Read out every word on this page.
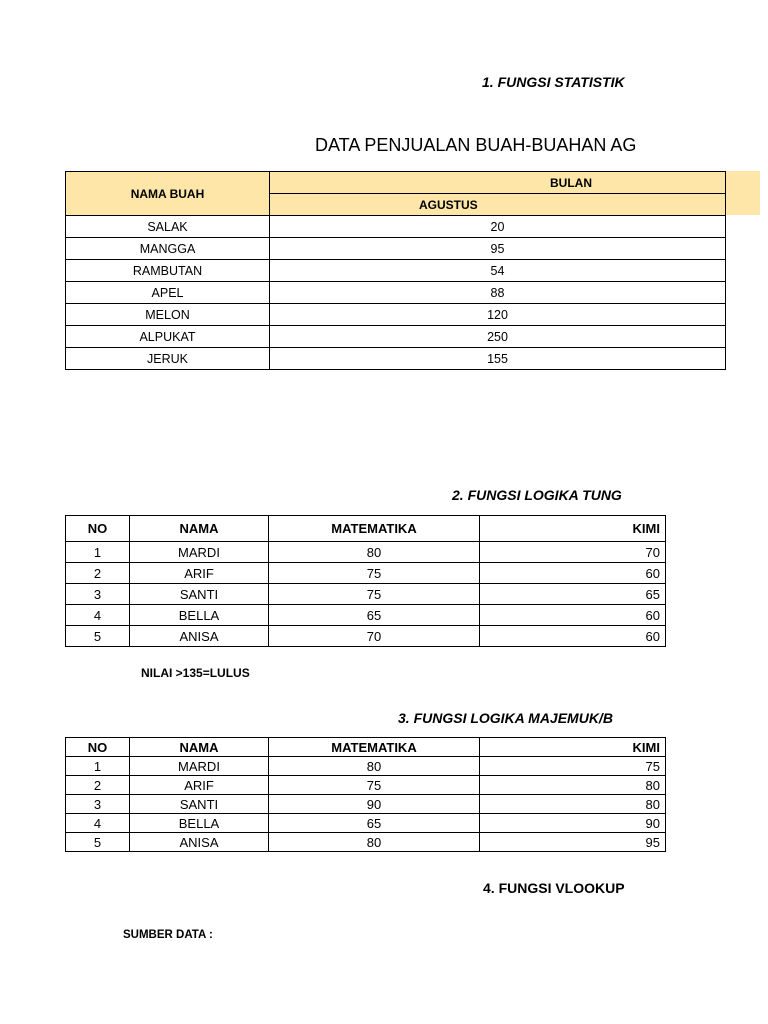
1. FUNGSI STATISTIK
DATA PENJUALAN BUAH-BUAHAN AG
NAMA BUAH	BULAN
	AGUSTUS
SALAK	20
MANGGA	95
RAMBUTAN	54
APEL	88
MELON	120
ALPUKAT	250
JERUK	155
2. FUNGSI LOGIKA TUNG
NO	NAMA	MATEMATIKA	KIMI
1	MARDI	80	70
2	ARIF	75	60
3	SANTI	75	65
4	BELLA	65	60
5	ANISA	70	60
NILAI >135=LULUS
3. FUNGSI LOGIKA MAJEMUK/B
NO	NAMA	MATEMATIKA	KIMI
1	MARDI	80	75
2	ARIF	75	80
3	SANTI	90	80
4	BELLA	65	90
5	ANISA	80	95
4. FUNGSI VLOOKUP
SUMBER DATA :
